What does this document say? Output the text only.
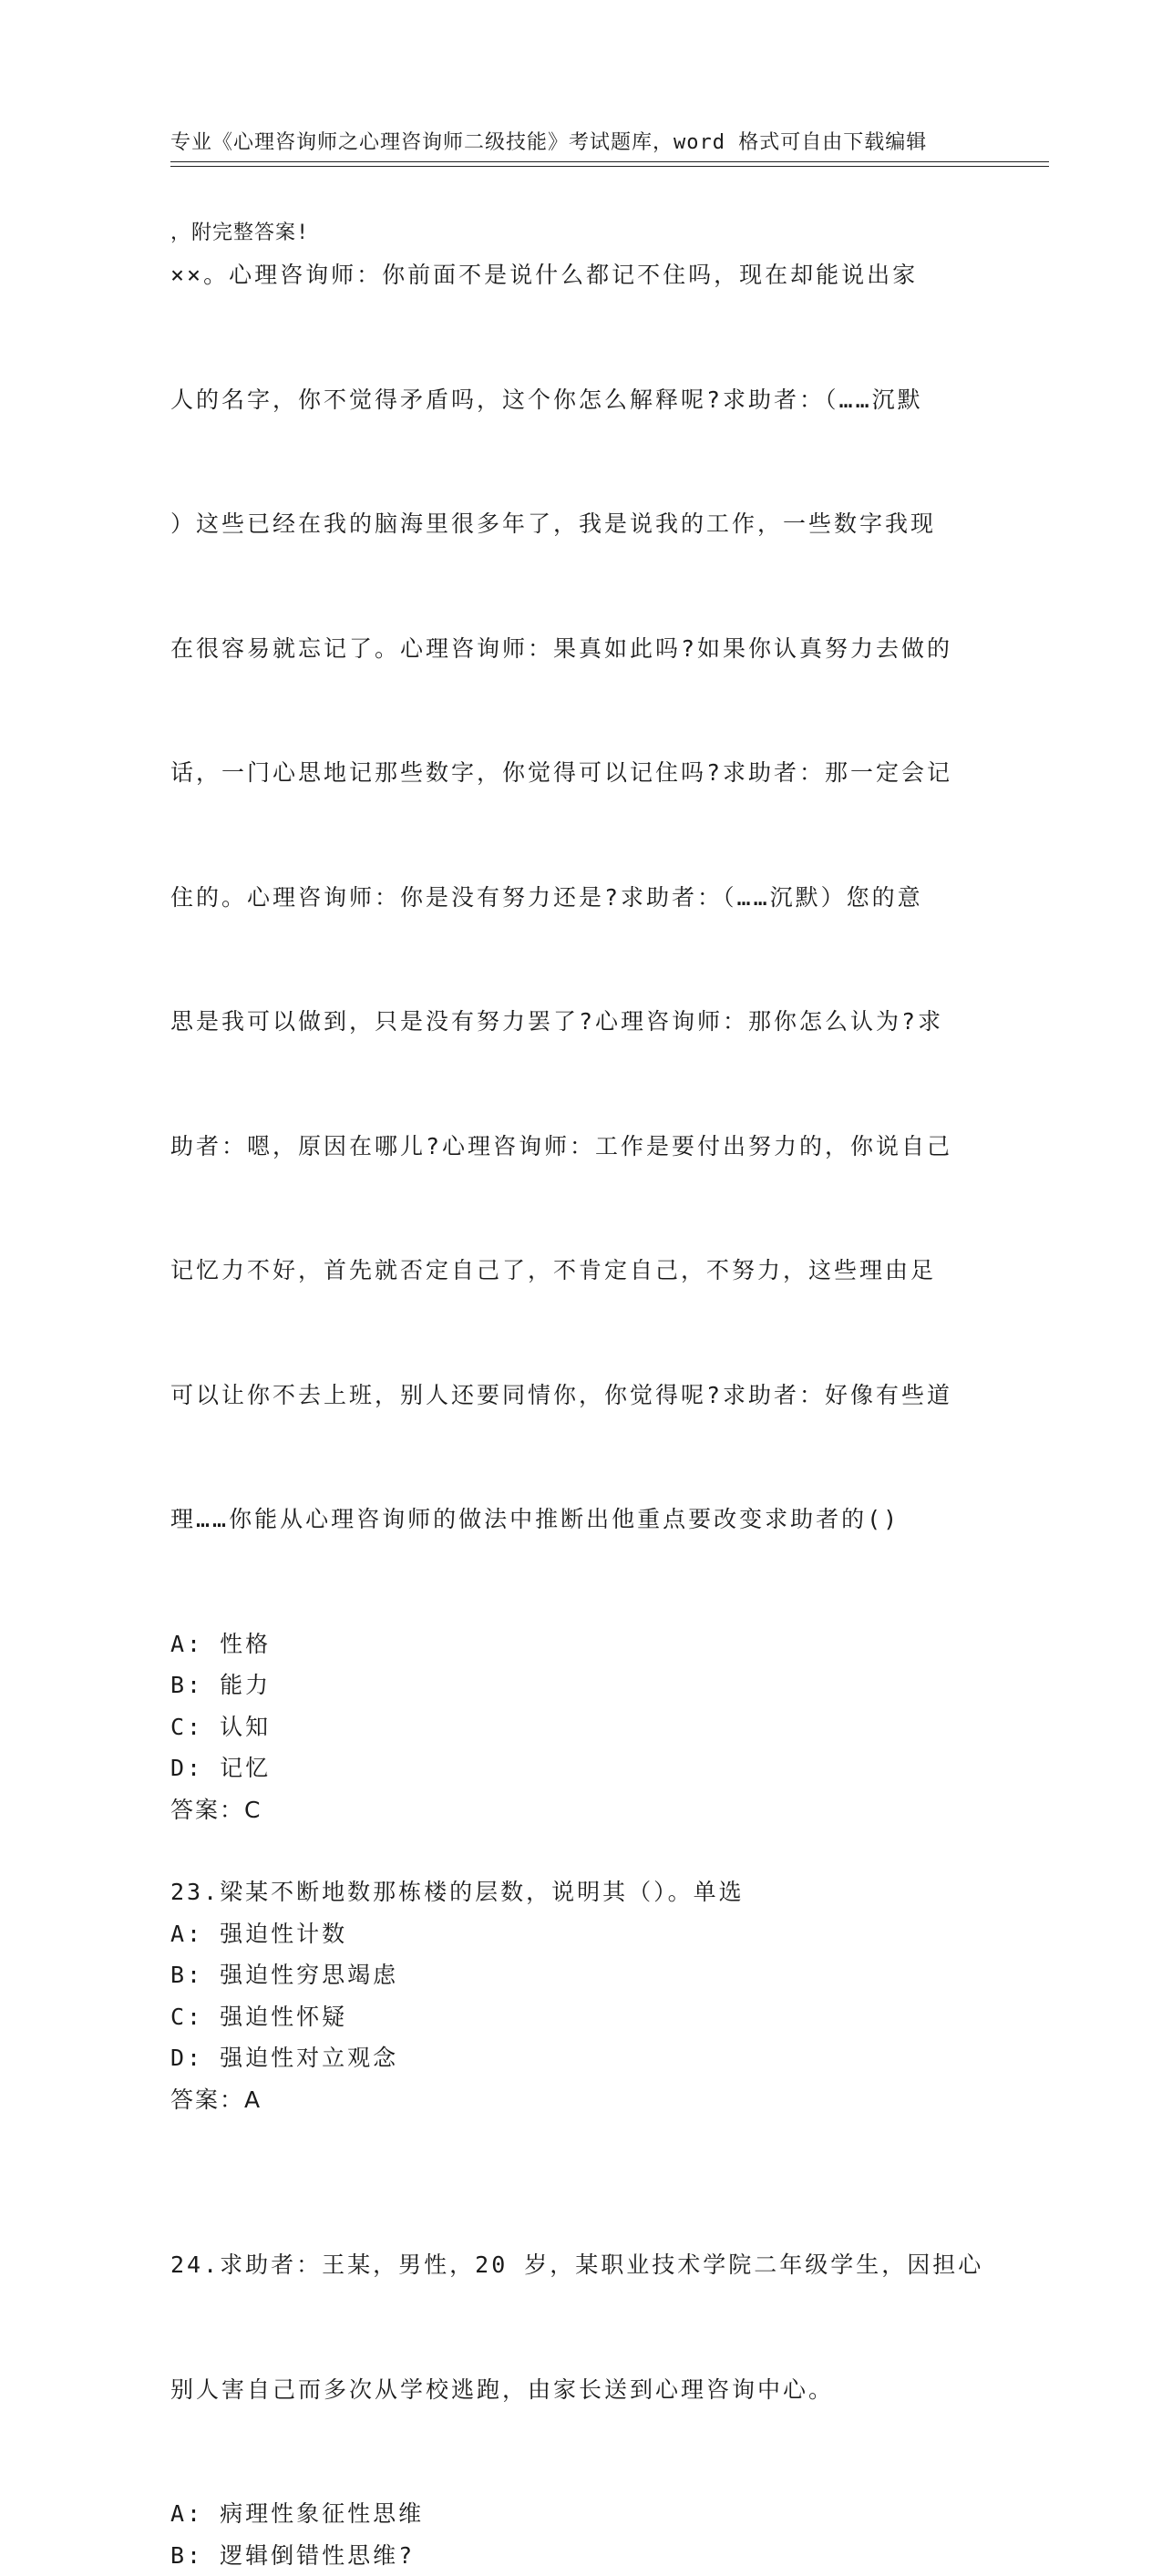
专业《心理咨询师之心理咨询师二级技能》考试题库，word 格式可自由下载编辑

，附完整答案!

××。心理咨询师：你前面不是说什么都记不住吗，现在却能说出家

人的名字，你不觉得矛盾吗，这个你怎么解释呢?求助者：（……沉默

）这些已经在我的脑海里很多年了，我是说我的工作，一些数字我现

在很容易就忘记了。心理咨询师：果真如此吗?如果你认真努力去做的

话，一门心思地记那些数字，你觉得可以记住吗?求助者：那一定会记

住的。心理咨询师：你是没有努力还是?求助者：（……沉默）您的意

思是我可以做到，只是没有努力罢了?心理咨询师：那你怎么认为?求

助者：嗯，原因在哪儿?心理咨询师：工作是要付出努力的，你说自己

记忆力不好，首先就否定自己了，不肯定自己，不努力，这些理由足

可以让你不去上班，别人还要同情你，你觉得呢?求助者：好像有些道

理……你能从心理咨询师的做法中推断出他重点要改变求助者的()

A: 性格
B: 能力
C: 认知
D: 记忆
答案：C
23.梁某不断地数那栋楼的层数，说明其（）。单选
A: 强迫性计数
B: 强迫性穷思竭虑
C: 强迫性怀疑
D: 强迫性对立观念
答案：A

24.求助者：王某，男性，20 岁，某职业技术学院二年级学生，因担心

别人害自己而多次从学校逃跑，由家长送到心理咨询中心。

A: 病理性象征性思维
B: 逻辑倒错性思维?
